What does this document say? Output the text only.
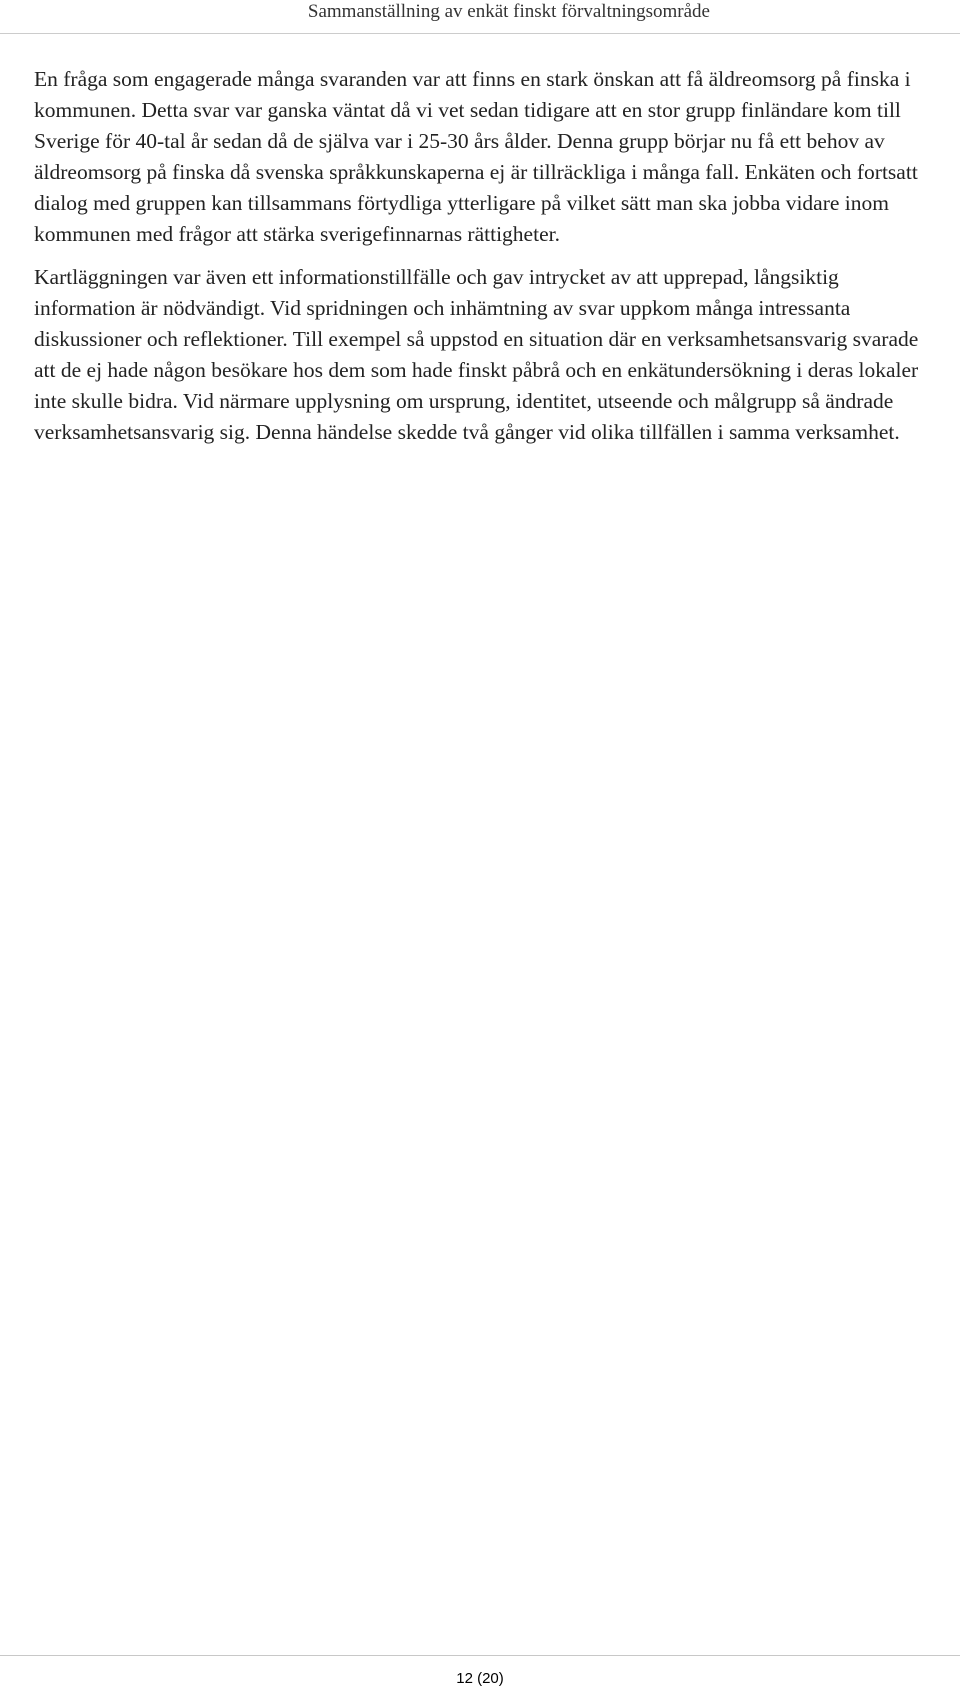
Sammanställning av enkät finskt förvaltningsområde

En fråga som engagerade många svaranden var att finns en stark önskan att få äldreomsorg på finska i kommunen. Detta svar var ganska väntat då vi vet sedan tidigare att en stor grupp finländare kom till Sverige för 40-tal år sedan då de själva var i 25-30 års ålder. Denna grupp börjar nu få ett behov av äldreomsorg på finska då svenska språkkunskaperna ej är tillräckliga i många fall. Enkäten och fortsatt dialog med gruppen kan tillsammans förtydliga ytterligare på vilket sätt man ska jobba vidare inom kommunen med frågor att stärka sverigefinnarnas rättigheter.

Kartläggningen var även ett informationstillfälle och gav intrycket av att upprepad, långsiktig information är nödvändigt. Vid spridningen och inhämtning av svar uppkom många intressanta diskussioner och reflektioner. Till exempel så uppstod en situation där en verksamhetsansvarig svarade att de ej hade någon besökare hos dem som hade finskt påbrå och en enkätundersökning i deras lokaler inte skulle bidra. Vid närmare upplysning om ursprung, identitet, utseende och målgrupp så ändrade verksamhetsansvarig sig. Denna händelse skedde två gånger vid olika tillfällen i samma verksamhet.

12 (20)
